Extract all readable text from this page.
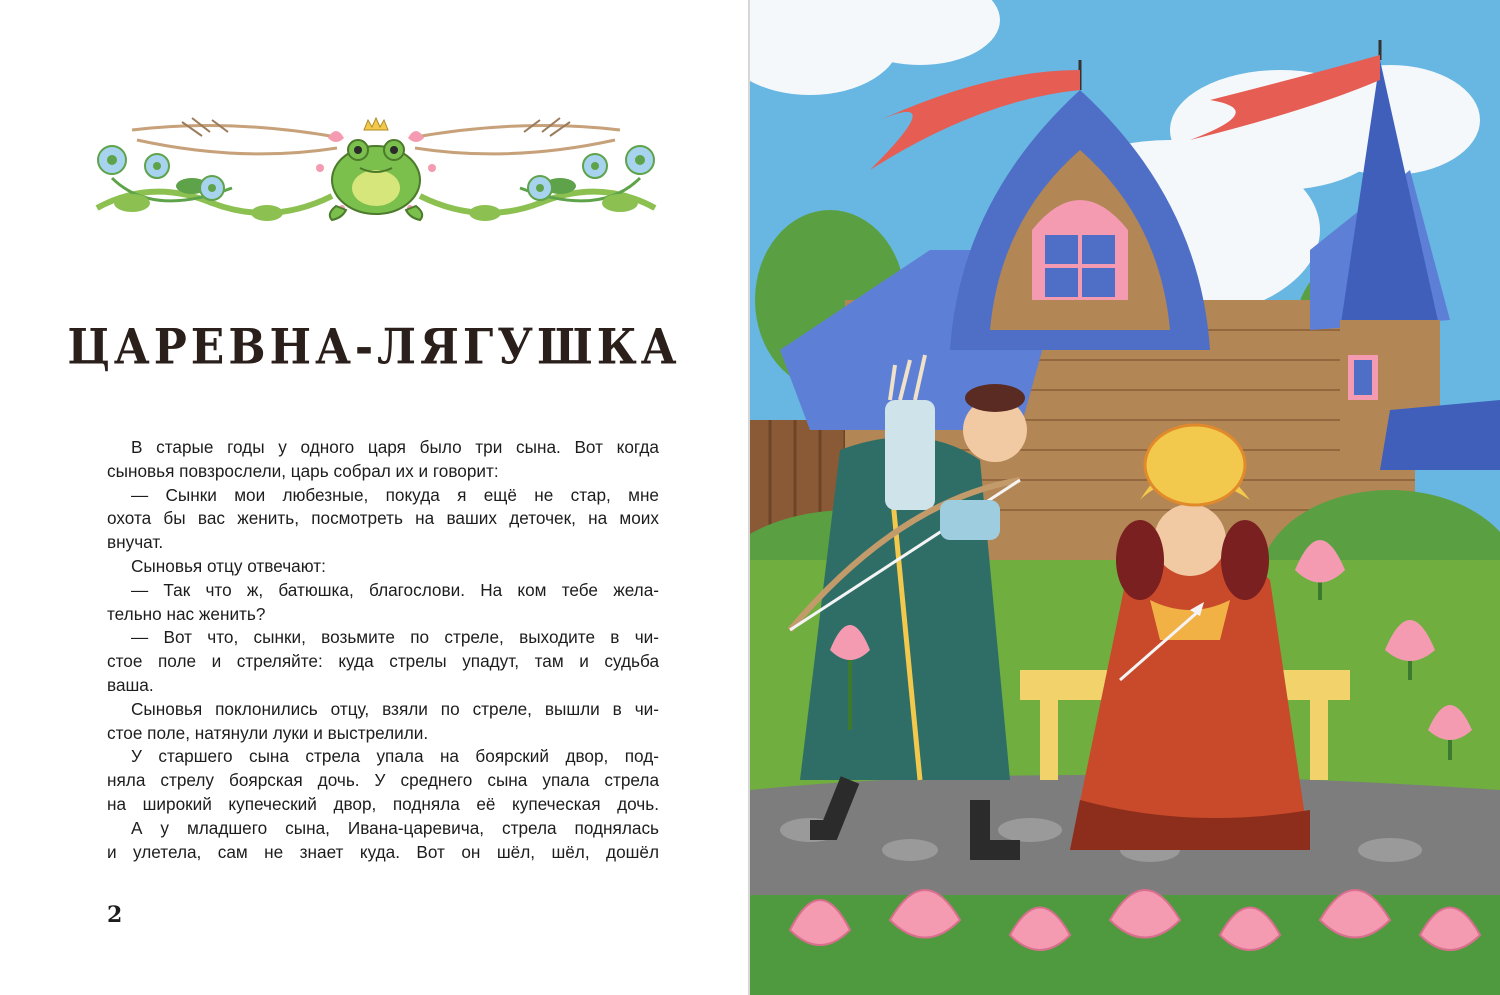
ЦАРЕВНА-ЛЯГУШКА
В старые годы у одного царя было три сына. Вот когда
сыновья повзрослели, царь собрал их и говорит:
— Сынки мои любезные, покуда я ещё не стар, мне
охота бы вас женить, посмотреть на ваших деточек, на моих
внучат.
Сыновья отцу отвечают:
— Так что ж, батюшка, благослови. На ком тебе жела-
тельно нас женить?
— Вот что, сынки, возьмите по стреле, выходите в чи-
стое поле и стреляйте: куда стрелы упадут, там и судьба
ваша.
Сыновья поклонились отцу, взяли по стреле, вышли в чи-
стое поле, натянули луки и выстрелили.
У старшего сына стрела упала на боярский двор, под-
няла стрелу боярская дочь. У среднего сына упала стрела
на широкий купеческий двор, подняла её купеческая дочь.
А у младшего сына, Ивана-царевича, стрела поднялась
и улетела, сам не знает куда. Вот он шёл, шёл, дошёл
2
